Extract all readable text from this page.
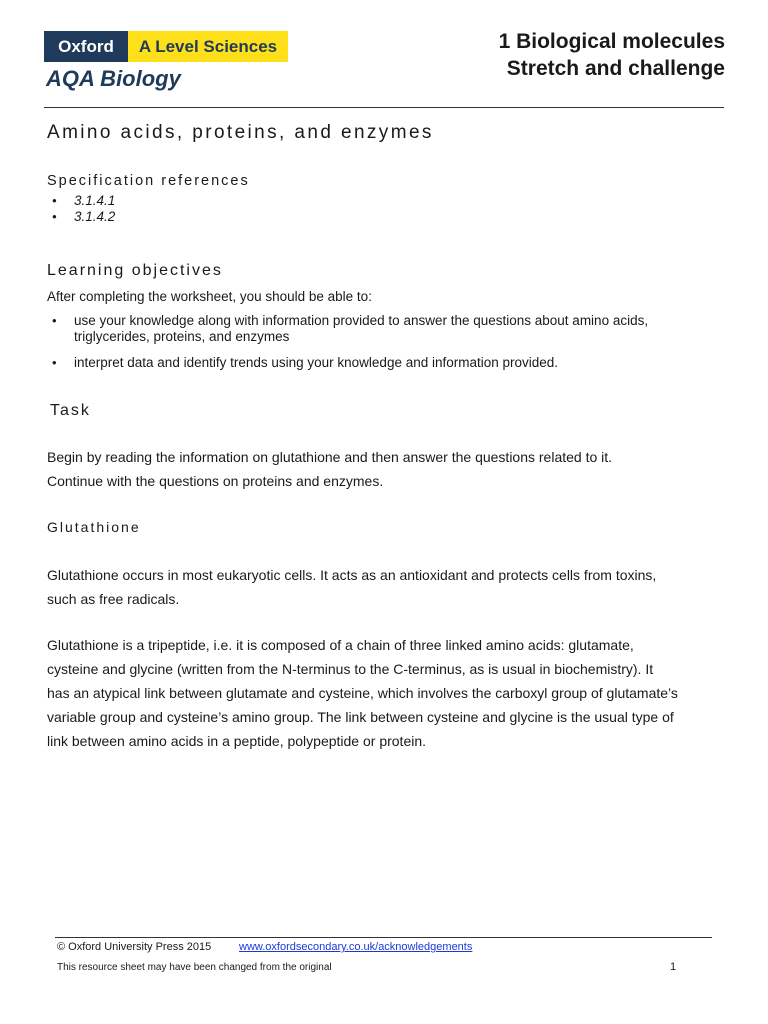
Oxford	A Level Sciences
AQA Biology
1 Biological molecules
Stretch and challenge
Amino acids, proteins, and enzymes
Specification references
• 3.1.4.1
• 3.1.4.2
Learning objectives
After completing the worksheet, you should be able to:
• use your knowledge along with information provided to answer the questions about amino acids, triglycerides, proteins, and enzymes
• interpret data and identify trends using your knowledge and information provided.
Task
Begin by reading the information on glutathione and then answer the questions related to it. Continue with the questions on proteins and enzymes.
Glutathione
Glutathione occurs in most eukaryotic cells. It acts as an antioxidant and protects cells from toxins, such as free radicals.
Glutathione is a tripeptide, i.e. it is composed of a chain of three linked amino acids: glutamate, cysteine and glycine (written from the N-terminus to the C-terminus, as is usual in biochemistry). It has an atypical link between glutamate and cysteine, which involves the carboxyl group of glutamate’s variable group and cysteine’s amino group. The link between cysteine and glycine is the usual type of link between amino acids in a peptide, polypeptide or protein.
© Oxford University Press 2015	www.oxfordsecondary.co.uk/acknowledgements
This resource sheet may have been changed from the original	1
